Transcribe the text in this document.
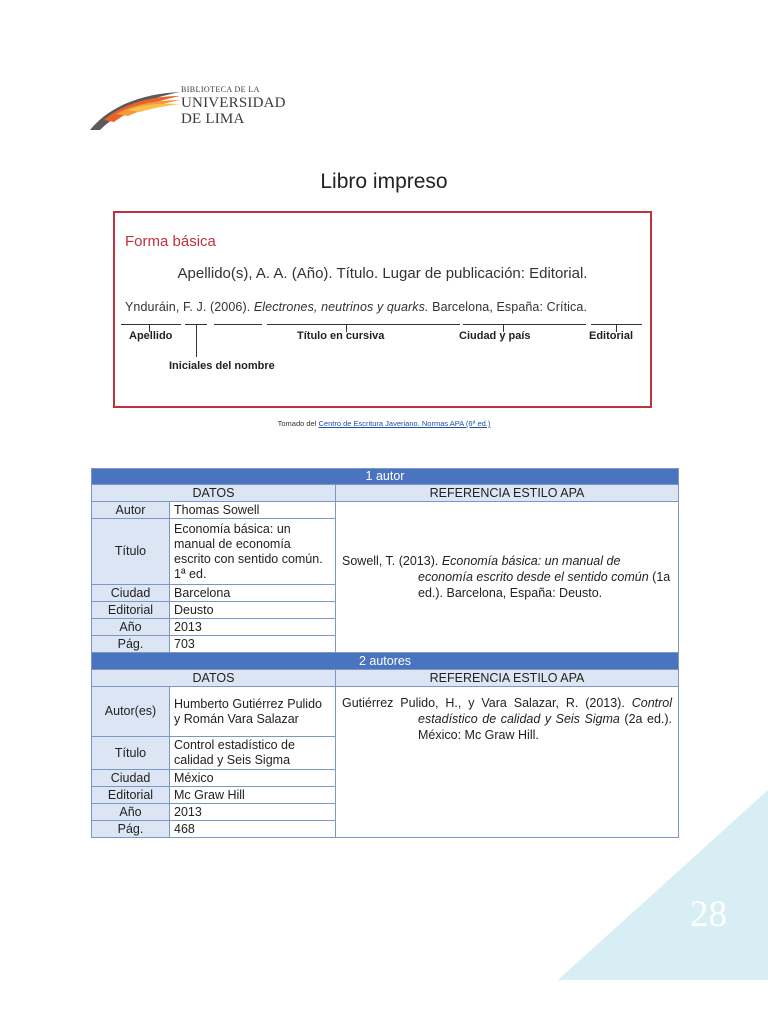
BIBLIOTECA DE LA
UNIVERSIDAD
DE LIMA
Libro impreso
Forma básica
Apellido(s), A. A. (Año). Título. Lugar de publicación: Editorial.
Ynduráin, F. J. (2006). Electrones, neutrinos y quarks. Barcelona, España: Crítica.
Apellido	Título en cursiva	Ciudad y país	Editorial
Iniciales del nombre
Tomado del Centro de Escritura Javeriano. Normas APA (6ª ed.)
1 autor		
DATOS		REFERENCIA ESTILO APA
Autor	Thomas Sowell	Sowell, T. (2013). Economía básica: un manual de economía escrito desde el sentido común (1a ed.). Barcelona, España: Deusto.

Título	Economía básica: un manual de economía escrito con sentido común. 1ª ed.	
Ciudad	Barcelona	
Editorial	Deusto	
Año	2013	
Pág.	703	
2 autores		
DATOS		REFERENCIA ESTILO APA
Autor(es)	Humberto Gutiérrez Pulido y Román Vara Salazar	Gutiérrez Pulido, H., y Vara Salazar, R. (2013). Control estadístico de calidad y Seis Sigma (2a ed.). México: Mc Graw Hill.

Título	Control estadístico de calidad y Seis Sigma	
Ciudad	México	
Editorial	Mc Graw Hill	
Año	2013	
Pág.	468	
28
